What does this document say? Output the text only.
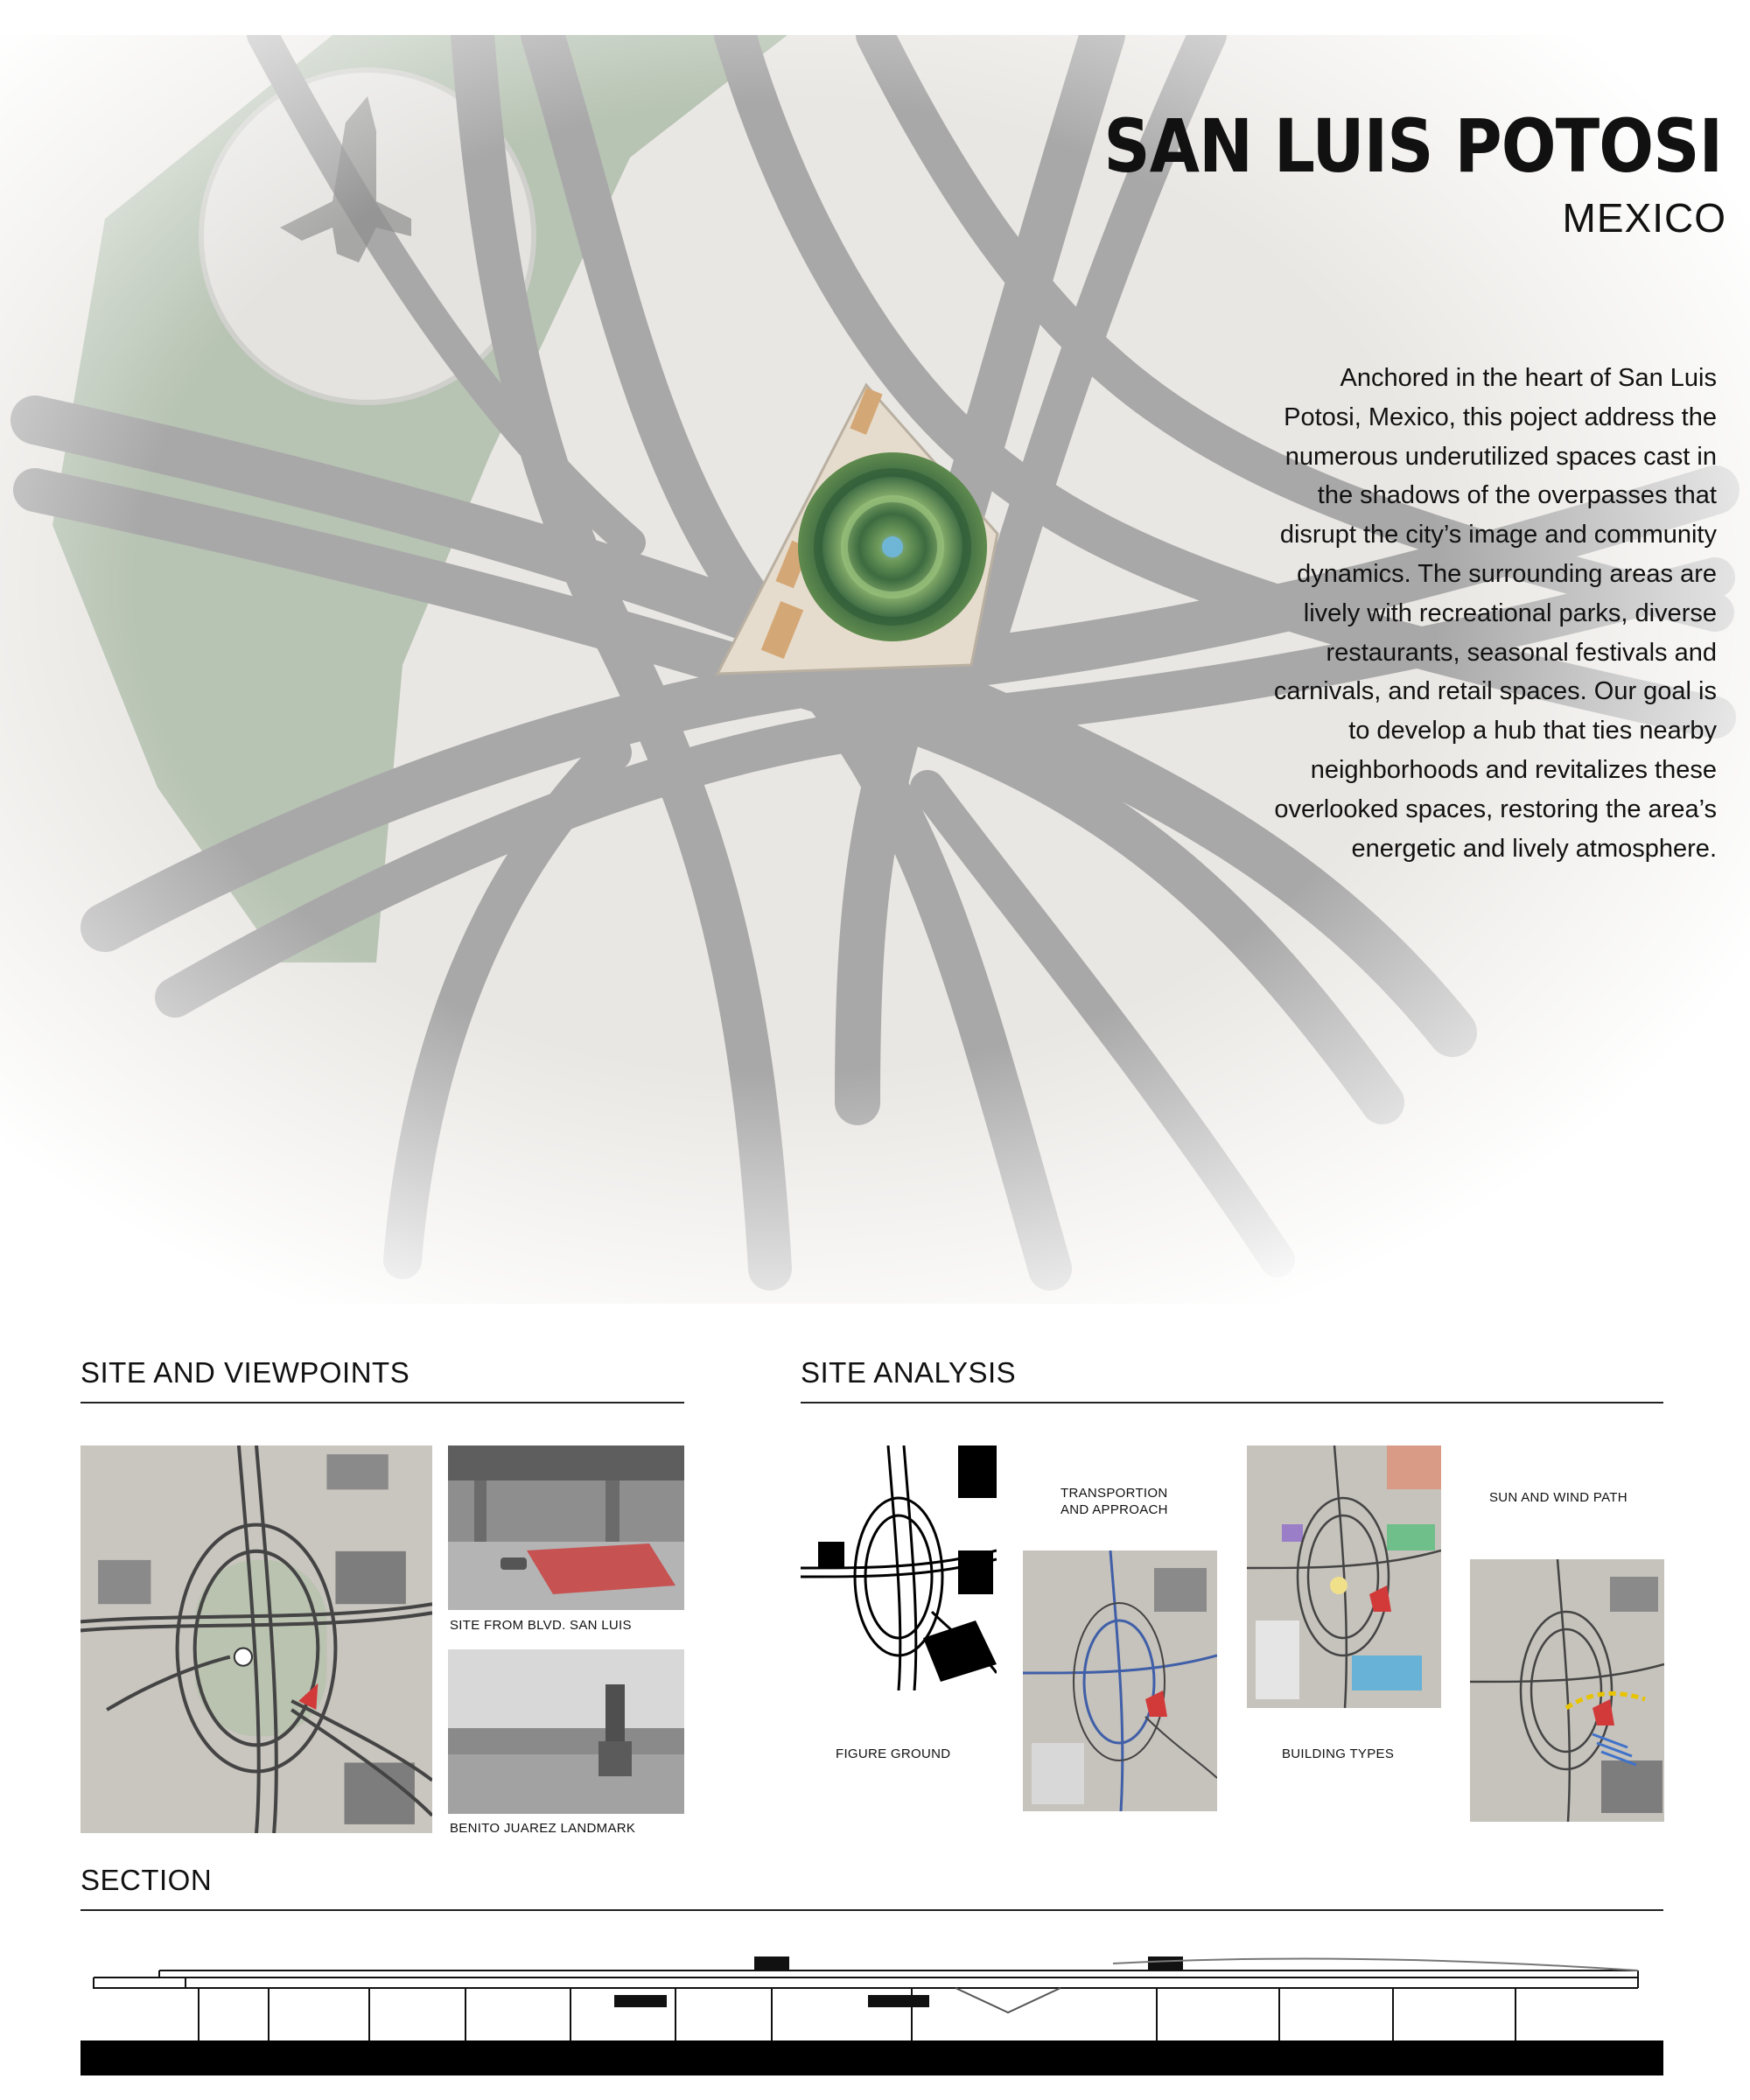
SAN LUIS POTOSI
MEXICO
Anchored in the heart of San Luis Potosi, Mexico, this poject address the numerous underutilized spaces cast in the shadows of the overpasses that disrupt the city’s image and community dynamics. The surrounding areas are lively with recreational parks, diverse restaurants, seasonal festivals and carnivals, and retail spaces. Our goal is to develop a hub that ties nearby neighborhoods and revitalizes these overlooked spaces, restoring the area’s energetic and lively atmosphere.
SITE AND VIEWPOINTS
SITE FROM BLVD. SAN LUIS
BENITO JUAREZ LANDMARK
SITE ANALYSIS
FIGURE GROUND
TRANSPORTION AND APPROACH
BUILDING TYPES
SUN AND WIND PATH
SECTION
